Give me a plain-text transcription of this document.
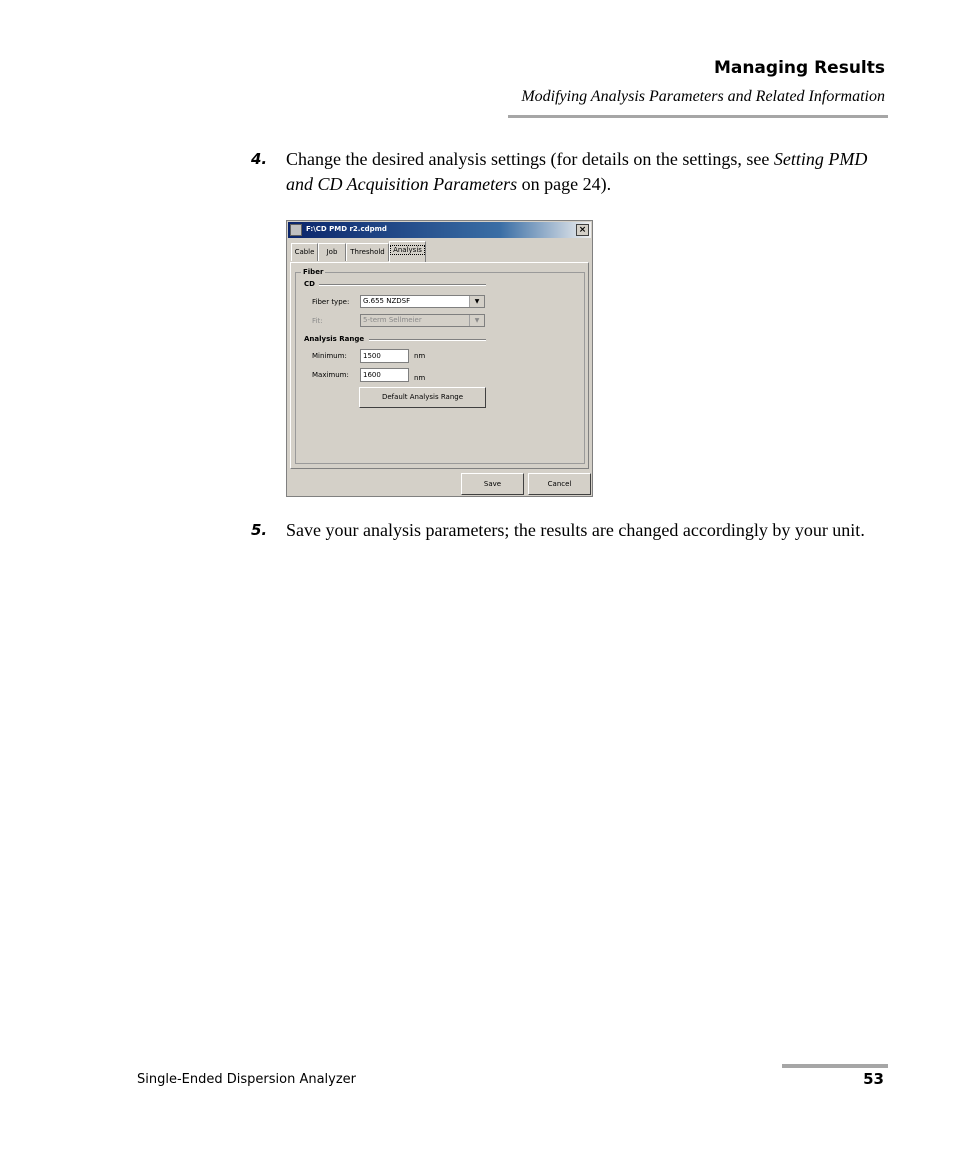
Managing Results
Modifying Analysis Parameters and Related Information
4. Change the desired analysis settings (for details on the settings, see Setting PMD and CD Acquisition Parameters on page 24).
F:\CD PMD r2.cdpmd	×
Cable	Job	Threshold	Analysis
Fiber
CD
Fiber type:	G.655 NZDSF	▼
Fit:	5-term Sellmeier	▼
Analysis Range
Minimum:	1500	nm
Maximum:	1600	nm
Default Analysis Range
Save	Cancel
5. Save your analysis parameters; the results are changed accordingly by your unit.
Single-Ended Dispersion Analyzer	53
